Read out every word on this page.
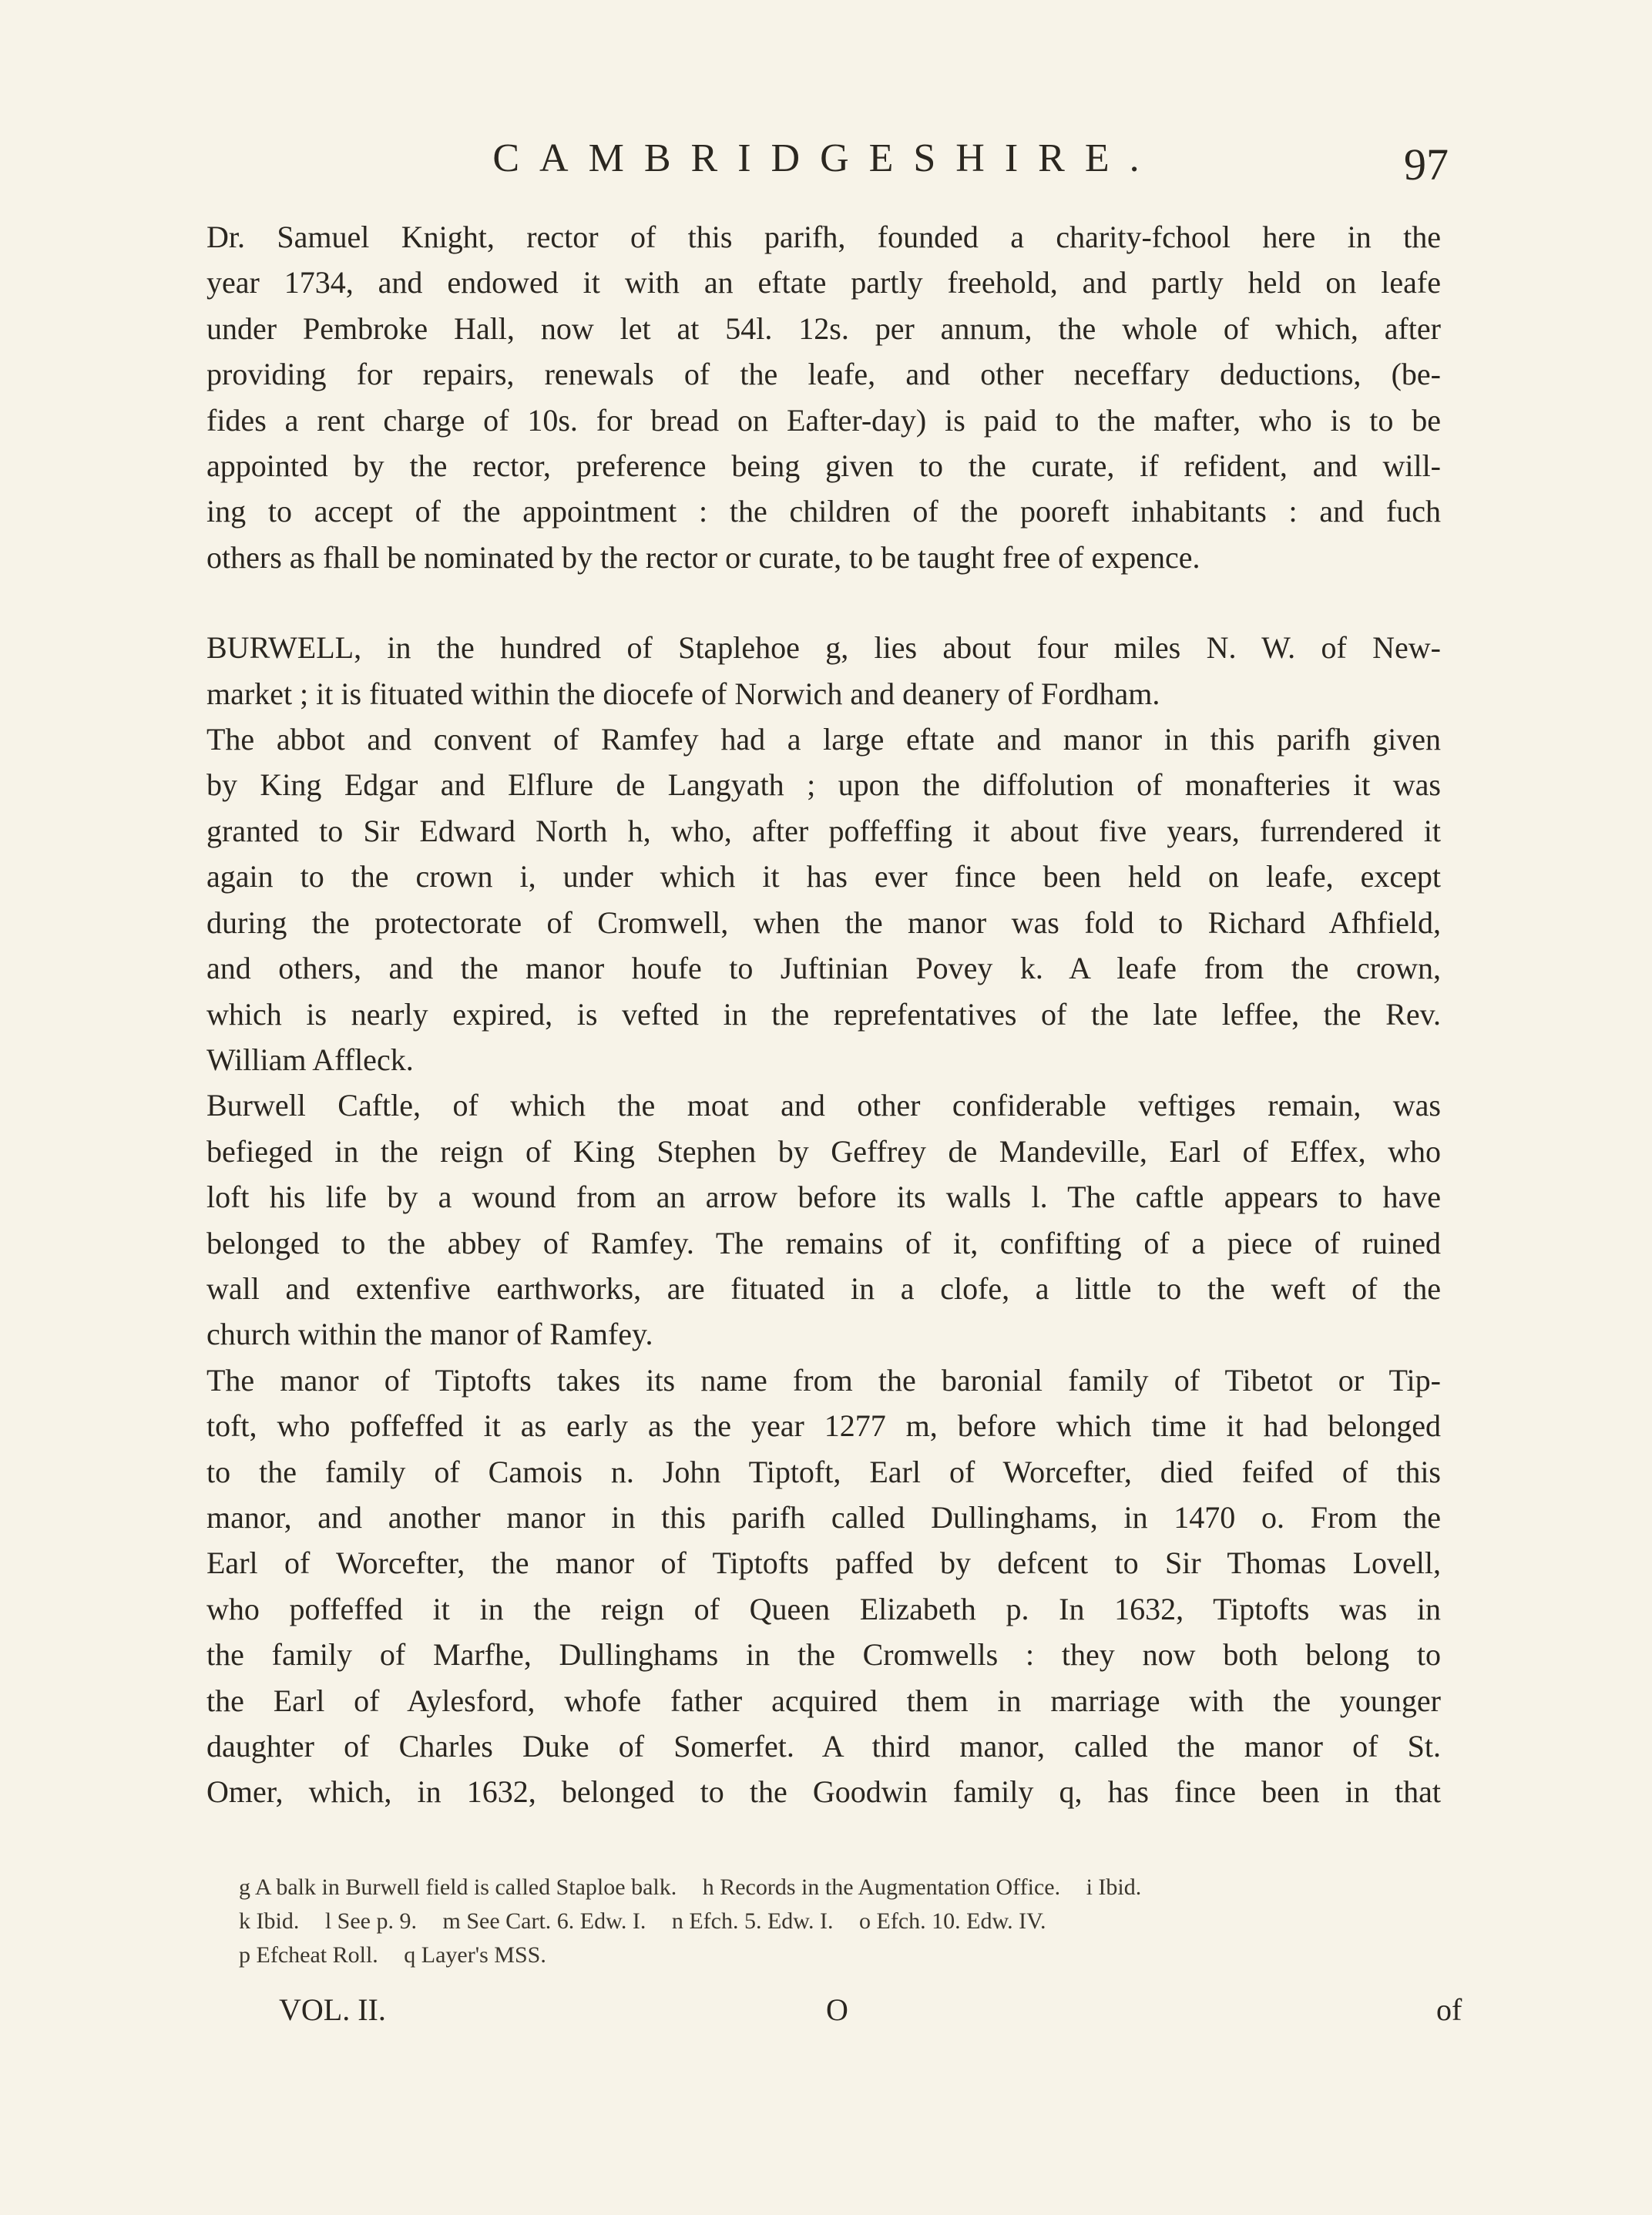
CAMBRIDGESHIRE.	97

Dr. Samuel Knight, rector of this parifh, founded a charity-fchool here in the
year 1734, and endowed it with an eftate partly freehold, and partly held on leafe
under Pembroke Hall, now let at 54l. 12s. per annum, the whole of which, after
providing for repairs, renewals of the leafe, and other neceffary deductions, (be-
fides a rent charge of 10s. for bread on Eafter-day) is paid to the mafter, who is to be
appointed by the rector, preference being given to the curate, if refident, and will-
ing to accept of the appointment : the children of the pooreft inhabitants : and fuch
others as fhall be nominated by the rector or curate, to be taught free of expence.

BURWELL, in the hundred of Staplehoe g, lies about four miles N. W. of New-
market ; it is fituated within the diocefe of Norwich and deanery of Fordham.
The abbot and convent of Ramfey had a large eftate and manor in this parifh given
by King Edgar and Elflure de Langyath ; upon the diffolution of monafteries it was
granted to Sir Edward North h, who, after poffeffing it about five years, furrendered it
again to the crown i, under which it has ever fince been held on leafe, except
during the protectorate of Cromwell, when the manor was fold to Richard Afhfield,
and others, and the manor houfe to Juftinian Povey k. A leafe from the crown,
which is nearly expired, is vefted in the reprefentatives of the late leffee, the Rev.
William Affleck.

Burwell Caftle, of which the moat and other confiderable veftiges remain, was
befieged in the reign of King Stephen by Geffrey de Mandeville, Earl of Effex, who
loft his life by a wound from an arrow before its walls l. The caftle appears to have
belonged to the abbey of Ramfey. The remains of it, confifting of a piece of ruined
wall and extenfive earthworks, are fituated in a clofe, a little to the weft of the
church within the manor of Ramfey.

The manor of Tiptofts takes its name from the baronial family of Tibetot or Tip-
toft, who poffeffed it as early as the year 1277 m, before which time it had belonged
to the family of Camois n. John Tiptoft, Earl of Worcefter, died feifed of this
manor, and another manor in this parifh called Dullinghams, in 1470 o. From the
Earl of Worcefter, the manor of Tiptofts paffed by defcent to Sir Thomas Lovell,
who poffeffed it in the reign of Queen Elizabeth p. In 1632, Tiptofts was in
the family of Marfhe, Dullinghams in the Cromwells : they now both belong to
the Earl of Aylesford, whofe father acquired them in marriage with the younger
daughter of Charles Duke of Somerfet. A third manor, called the manor of St.
Omer, which, in 1632, belonged to the Goodwin family q, has fince been in that

g A balk in Burwell field is called Staploe balk. h Records in the Augmentation Office. i Ibid.
k Ibid. l See p. 9. m See Cart. 6. Edw. I. n Efch. 5. Edw. I. o Efch. 10. Edw. IV.
p Efcheat Roll. q Layer's MSS.
VOL. II.	O	of
